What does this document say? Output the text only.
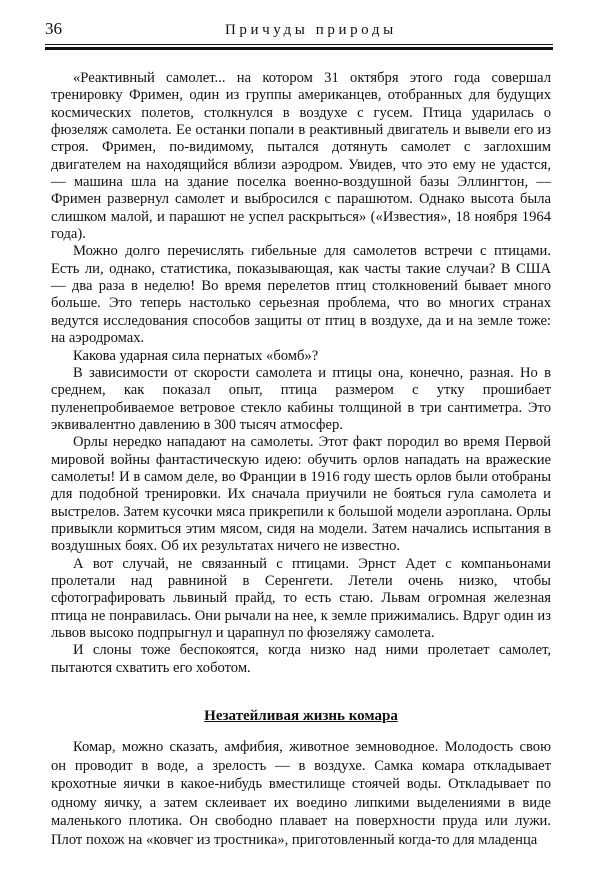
36	Причуды природы

«Реактивный самолет... на котором 31 октября этого года совершал тренировку Фримен, один из группы американцев, отобранных для будущих космических полетов, столкнулся в воздухе с гусем. Птица ударилась о фюзеляж самолета. Ее останки попали в реактивный двигатель и вывели его из строя. Фримен, по-видимому, пытался дотянуть самолет с заглохшим двигателем на находящийся вблизи аэродром. Увидев, что это ему не удастся, — машина шла на здание поселка военно-воздушной базы Эллингтон, — Фримен развернул самолет и выбросился с парашютом. Однако высота была слишком малой, и парашют не успел раскрыться» («Известия», 18 ноября 1964 года).

Можно долго перечислять гибельные для самолетов встречи с птицами. Есть ли, однако, статистика, показывающая, как часты такие случаи? В США — два раза в неделю! Во время перелетов птиц столкновений бывает много больше. Это теперь настолько серьезная проблема, что во многих странах ведутся исследования способов защиты от птиц в воздухе, да и на земле тоже: на аэродромах.

Какова ударная сила пернатых «бомб»?

В зависимости от скорости самолета и птицы она, конечно, разная. Но в среднем, как показал опыт, птица размером с утку прошибает пуленепробиваемое ветровое стекло кабины толщиной в три сантиметра. Это эквивалентно давлению в 300 тысяч атмосфер.

Орлы нередко нападают на самолеты. Этот факт породил во время Первой мировой войны фантастическую идею: обучить орлов нападать на вражеские самолеты! И в самом деле, во Франции в 1916 году шесть орлов были отобраны для подобной тренировки. Их сначала приучили не бояться гула самолета и выстрелов. Затем кусочки мяса прикрепили к большой модели аэроплана. Орлы привыкли кормиться этим мясом, сидя на модели. Затем начались испытания в воздушных боях. Об их результатах ничего не известно.

А вот случай, не связанный с птицами. Эрнст Адет с компаньонами пролетали над равниной в Серенгети. Летели очень низко, чтобы сфотографировать львиный прайд, то есть стаю. Львам огромная железная птица не понравилась. Они рычали на нее, к земле прижимались. Вдруг один из львов высоко подпрыгнул и царапнул по фюзеляжу самолета.

И слоны тоже беспокоятся, когда низко над ними пролетает самолет, пытаются схватить его хоботом.

Незатейливая жизнь комара

Комар, можно сказать, амфибия, животное земноводное. Молодость свою он проводит в воде, а зрелость — в воздухе. Самка комара откладывает крохотные яички в какое-нибудь вместилище стоячей воды. Откладывает по одному яичку, а затем склеивает их воедино липкими выделениями в виде маленького плотика. Он свободно плавает на поверхности пруда или лужи. Плот похож на «ковчег из тростника», приготовленный когда-то для младенца
